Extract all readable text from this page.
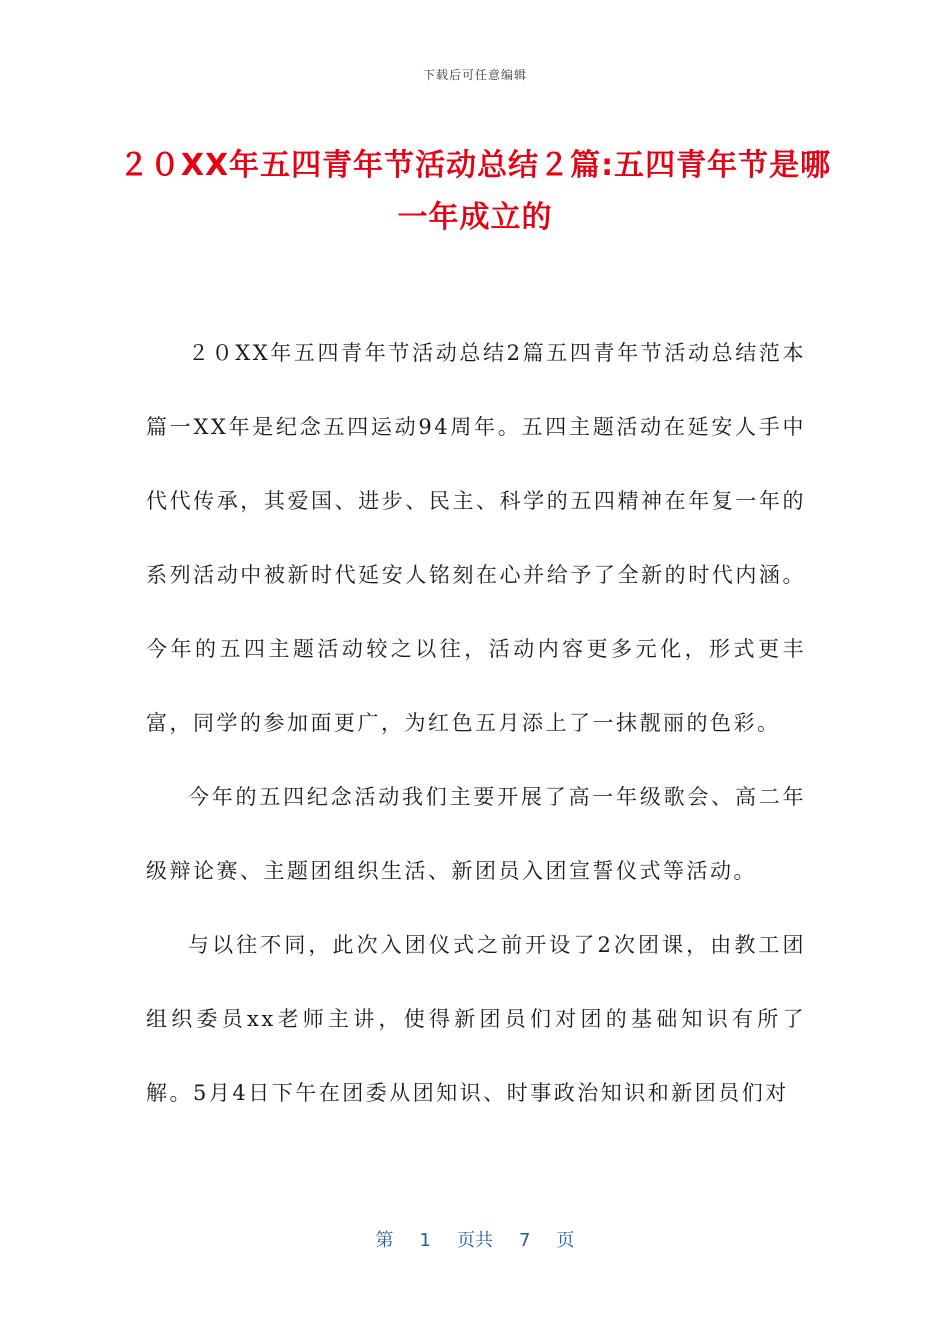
下载后可任意编辑
２０XX年五四青年节活动总结２篇:五四青年节是哪一年成立的

２０XX年五四青年节活动总结2篇五四青年节活动总结范本篇一XX年是纪念五四运动94周年。五四主题活动在延安人手中代代传承，其爱国、进步、民主、科学的五四精神在年复一年的系列活动中被新时代延安人铭刻在心并给予了全新的时代内涵。今年的五四主题活动较之以往，活动内容更多元化，形式更丰富，同学的参加面更广，为红色五月添上了一抹靓丽的色彩。

今年的五四纪念活动我们主要开展了高一年级歌会、高二年级辩论赛、主题团组织生活、新团员入团宣誓仪式等活动。

与以往不同，此次入团仪式之前开设了2次团课，由教工团组织委员xx老师主讲，使得新团员们对团的基础知识有所了解。5月4日下午在团委从团知识、时事政治知识和新团员们对

第 1 页共 7 页
